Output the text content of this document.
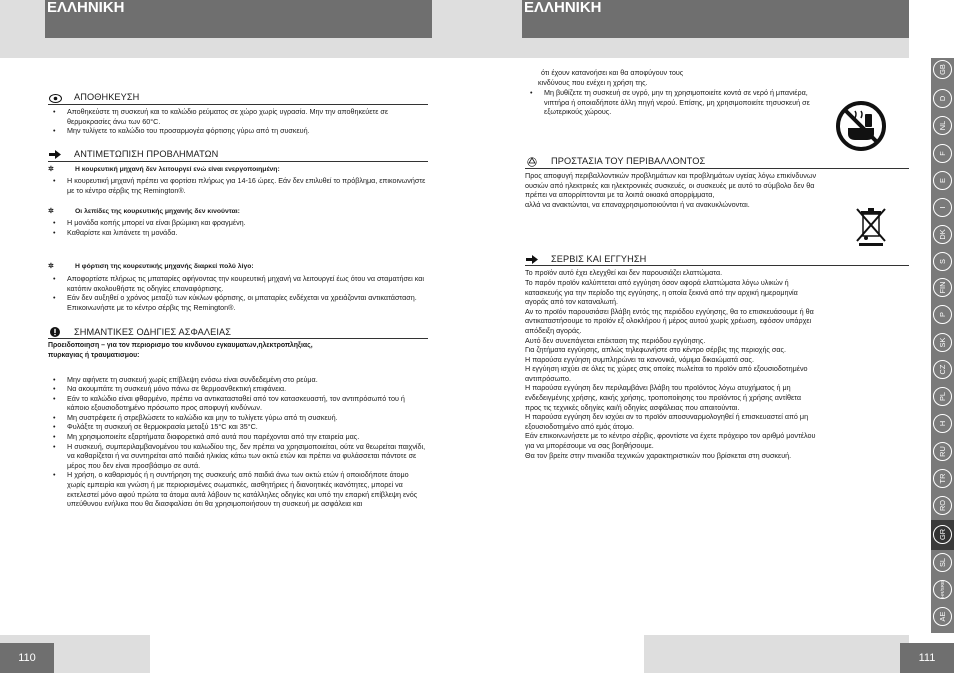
ΕΛΛΗΝΙΚΗ
ΑΠΟΘΗΚΕΥΣΗ
• Αποθηκεύστε τη συσκευή και το καλώδιο ρεύματος σε χώρο χωρίς υγρασία. Μην την αποθηκεύετε σε θερμοκρασίες άνω των 60°C.
• Μην τυλίγετε το καλώδιο του προσαρμογέα φόρτισης γύρω από τη συσκευή.
ΑΝΤΙΜΕΤΩΠΙΣΗ ΠΡΟΒΛΗΜΑΤΩΝ
✲	Η κουρευτική μηχανή δεν λειτουργεί ενώ είναι ενεργοποιημένη:
• Η κουρευτική μηχανή πρέπει να φορτίσει πλήρως για 14-16 ώρες. Εάν δεν επιλυθεί το πρόβλημα, επικοινωνήστε με το κέντρο σέρβις της Remington®.
✲	Οι λεπίδες της κουρευτικής μηχανής δεν κινούνται:
• Η μονάδα κοπής μπορεί να είναι βρώμικη και φραγμένη.
• Καθαρίστε και λιπάνετε τη μονάδα.
✲	Η φόρτιση της κουρευτικής μηχανής διαρκεί πολύ λίγο:
• Αποφορτίστε πλήρως τις μπαταρίες αφήνοντας την κουρευτική μηχανή να λειτουργεί έως ότου να σταματήσει και κατόπιν ακολουθήστε τις οδηγίες επαναφόρτισης.
• Εάν δεν αυξηθεί ο χρόνος μεταξύ των κύκλων φόρτισης, οι μπαταρίες ενδέχεται να χρειάζονται αντικατάσταση. Επικοινωνήστε με το κέντρο σέρβις της Remington®.
ΣΗΜΑΝΤΙΚΕΣ ΟΔΗΓΙΕΣ ΑΣΦΑΛΕΙΑΣ
Προειδοποιηση – για τον περιορισμο του κινδυνου εγκαυματων,ηλεκτροπληξιας,
πυρκαγιας ή τραυματισμου:
• Μην αφήνετε τη συσκευή χωρίς επίβλεψη ενόσω είναι συνδεδεμένη στο ρεύμα.
• Να ακουμπάτε τη συσκευή μόνο πάνω σε θερμοανθεκτική επιφάνεια.
• Εάν το καλώδιο είναι φθαρμένο, πρέπει να αντικατασταθεί από τον κατασκευαστή, τον αντιπρόσωπό του ή κάποιο εξουσιοδοτημένο πρόσωπο προς αποφυγή κινδύνων.
• Μη συστρέφετε ή στρεβλώσετε το καλώδιο και μην το τυλίγετε γύρω από τη συσκευή.
• Φυλάξτε τη συσκευή σε θερμοκρασία μεταξύ 15°C και 35°C.
• Μη χρησιμοποιείτε εξαρτήματα διαφορετικά από αυτά που παρέχονται από την εταιρεία μας.
• Η συσκευή, συμπεριλαμβανομένου του καλωδίου της, δεν πρέπει να χρησιμοποιείται, ούτε να θεωρείται παιχνίδι, να καθαρίζεται ή να συντηρείται από παιδιά ηλικίας κάτω των οκτώ ετών και πρέπει να φυλάσσεται πάντοτε σε μέρος που δεν είναι προσβάσιμο σε αυτά.
• Η χρήση, ο καθαρισμός ή η συντήρηση της συσκευής από παιδιά άνω των οκτώ ετών ή οποιοδήποτε άτομο χωρίς εμπειρία και γνώση ή με περιορισμένες σωματικές, αισθητήριες ή διανοητικές ικανότητες, μπορεί να εκτελεστεί μόνο αφού πρώτα τα άτομα αυτά λάβουν τις κατάλληλες οδηγίες και υπό την επαρκή επίβλεψη ενός υπεύθυνου ενήλικα που θα διασφαλίσει ότι θα χρησιμοποιήσουν τη συσκευή με ασφάλεια και
110
ΕΛΛΗΝΙΚΗ
ότι έχουν κατανοήσει και θα αποφύγουν τους
κινδύνους που ενέχει η χρήση της.
• Μη βυθίζετε τη συσκευή σε υγρό, μην τη χρησιμοποιείτε κοντά σε νερό ή μπανιέρα, νιπτήρα ή οποιαδήποτε άλλη πηγή νερού. Επίσης, μη χρησιμοποιείτε τησυσκευή σε εξωτερικούς χώρους.
ΠΡΟΣΤΑΣΙΑ ΤΟΥ ΠΕΡΙΒΑΛΛΟΝΤΟΣ

Προς αποφυγή περιβαλλοντικών προβλημάτων και προβλημάτων υγείας λόγω επικίνδυνων

ουσιών από ηλεκτρικές και ηλεκτρονικές συσκευές, οι συσκευές με αυτό το σύμβολο δεν θα

πρέπει να απορρίπτονται με τα λοιπά οικιακά απορρίμματα,

αλλά να ανακτώνται, να επαναχρησιμοποιούνται ή να ανακυκλώνονται.

ΣΕΡΒΙΣ ΚΑΙ ΕΓΓΥΗΣΗ

Το προϊόν αυτό έχει ελεγχθεί και δεν παρουσιάζει ελαττώματα.

Το παρόν προϊόν καλύπτεται από εγγύηση όσον αφορά ελαττώματα λόγω υλικών ή

κατασκευής για την περίοδο της εγγύησης, η οποία ξεκινά από την αρχική ημερομηνία

αγοράς από τον καταναλωτή.

Αν το προϊόν παρουσιάσει βλάβη εντός της περιόδου εγγύησης, θα το επισκευάσουμε ή θα

αντικαταστήσουμε το προϊόν εξ ολοκλήρου ή μέρος αυτού χωρίς χρέωση, εφόσον υπάρχει

απόδειξη αγοράς.

Αυτό δεν συνεπάγεται επέκταση της περιόδου εγγύησης.

Για ζητήματα εγγύησης, απλώς τηλεφωνήστε στο κέντρο σέρβις της περιοχής σας.

Η παρούσα εγγύηση συμπληρώνει τα κανονικά, νόμιμα δικαιώματά σας.

Η εγγύηση ισχύει σε όλες τις χώρες στις οποίες πωλείται το προϊόν από εξουσιοδοτημένο

αντιπρόσωπο.

Η παρούσα εγγύηση δεν περιλαμβάνει βλάβη του προϊόντος λόγω ατυχήματος ή μη

ενδεδειγμένης χρήσης, κακής χρήσης, τροποποίησης του προϊόντος ή χρήσης αντίθετα

προς τις τεχνικές οδηγίες και/ή οδηγίες ασφάλειας που απαιτούνται.

Η παρούσα εγγύηση δεν ισχύει αν το προϊόν αποσυναρμολογηθεί ή επισκευαστεί από μη

εξουσιοδοτημένο από εμάς άτομο.

Εάν επικοινωνήσετε με το κέντρο σέρβις, φροντίστε να έχετε πρόχειρο τον αριθμό μοντέλου

για να μπορέσουμε να σας βοηθήσουμε.

Θα τον βρείτε στην πινακίδα τεχνικών χαρακτηριστικών που βρίσκεται στη συσκευή.

111
GB
D
NL
F
E
I
DK
S
FIN
P
SK
CZ
PL
H
RU
TR
RO
GR
SL
HR/SRB
AE
